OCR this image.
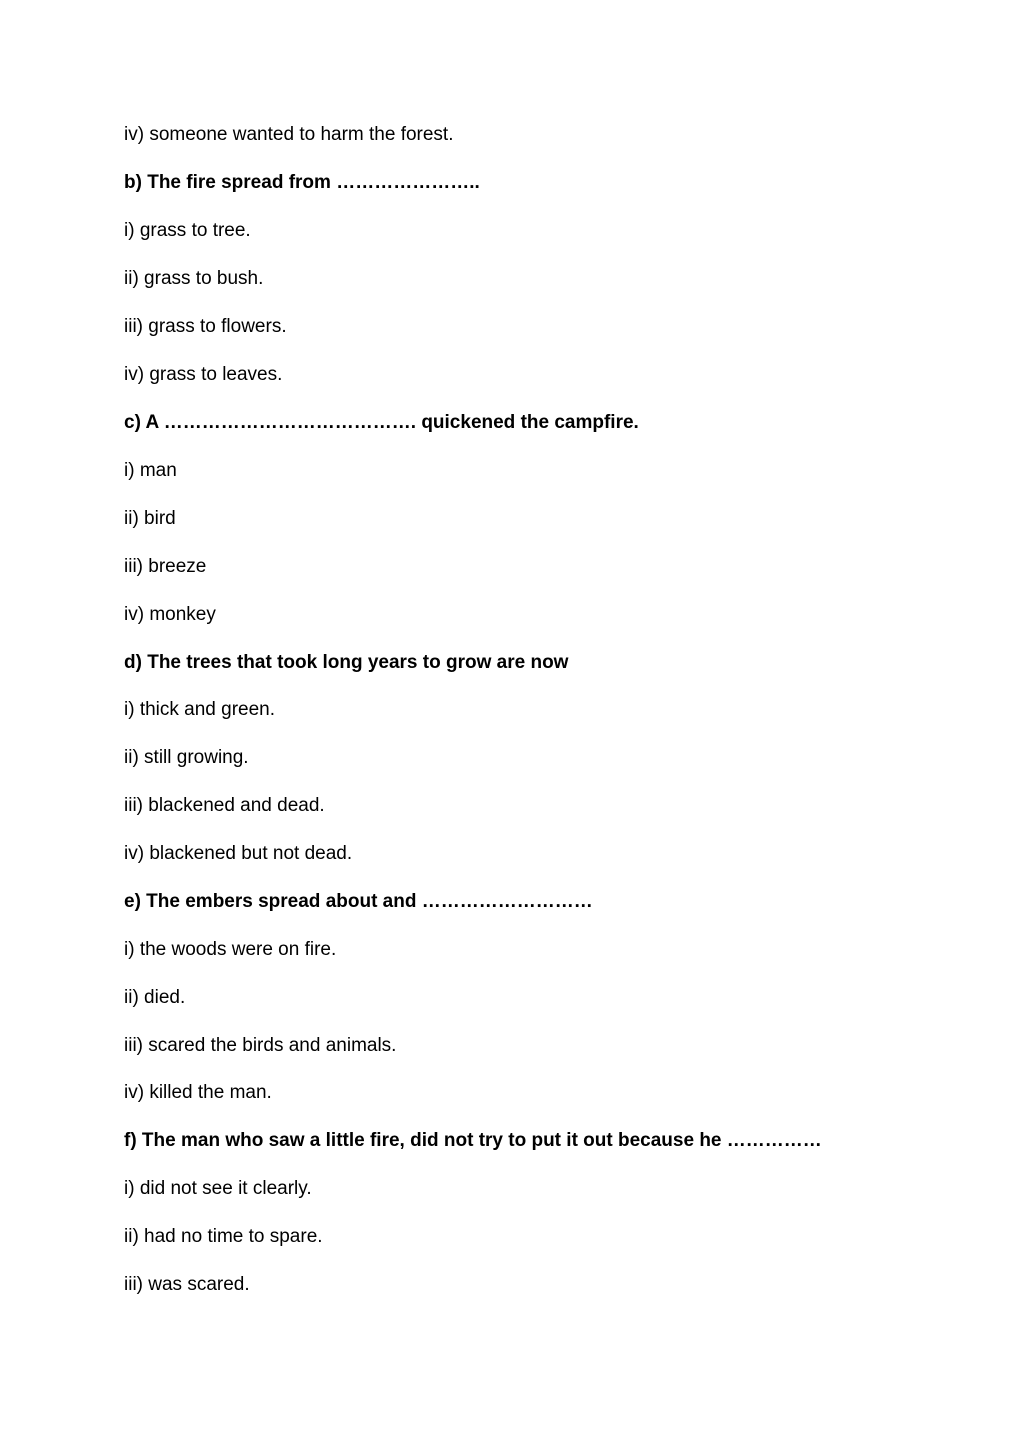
iv) someone wanted to harm the forest.
b) The fire spread from …………………..
i) grass to tree.
ii) grass to bush.
iii) grass to flowers.
iv) grass to leaves.
c) A …………………………………. quickened the campfire.
i) man
ii) bird
iii) breeze
iv) monkey
d) The trees that took long years to grow are now
i) thick and green.
ii) still growing.
iii) blackened and dead.
iv) blackened but not dead.
e) The embers spread about and ………………………
i) the woods were on fire.
ii) died.
iii) scared the birds and animals.
iv) killed the man.
f) The man who saw a little fire, did not try to put it out because he ……………
i) did not see it clearly.
ii) had no time to spare.
iii) was scared.
